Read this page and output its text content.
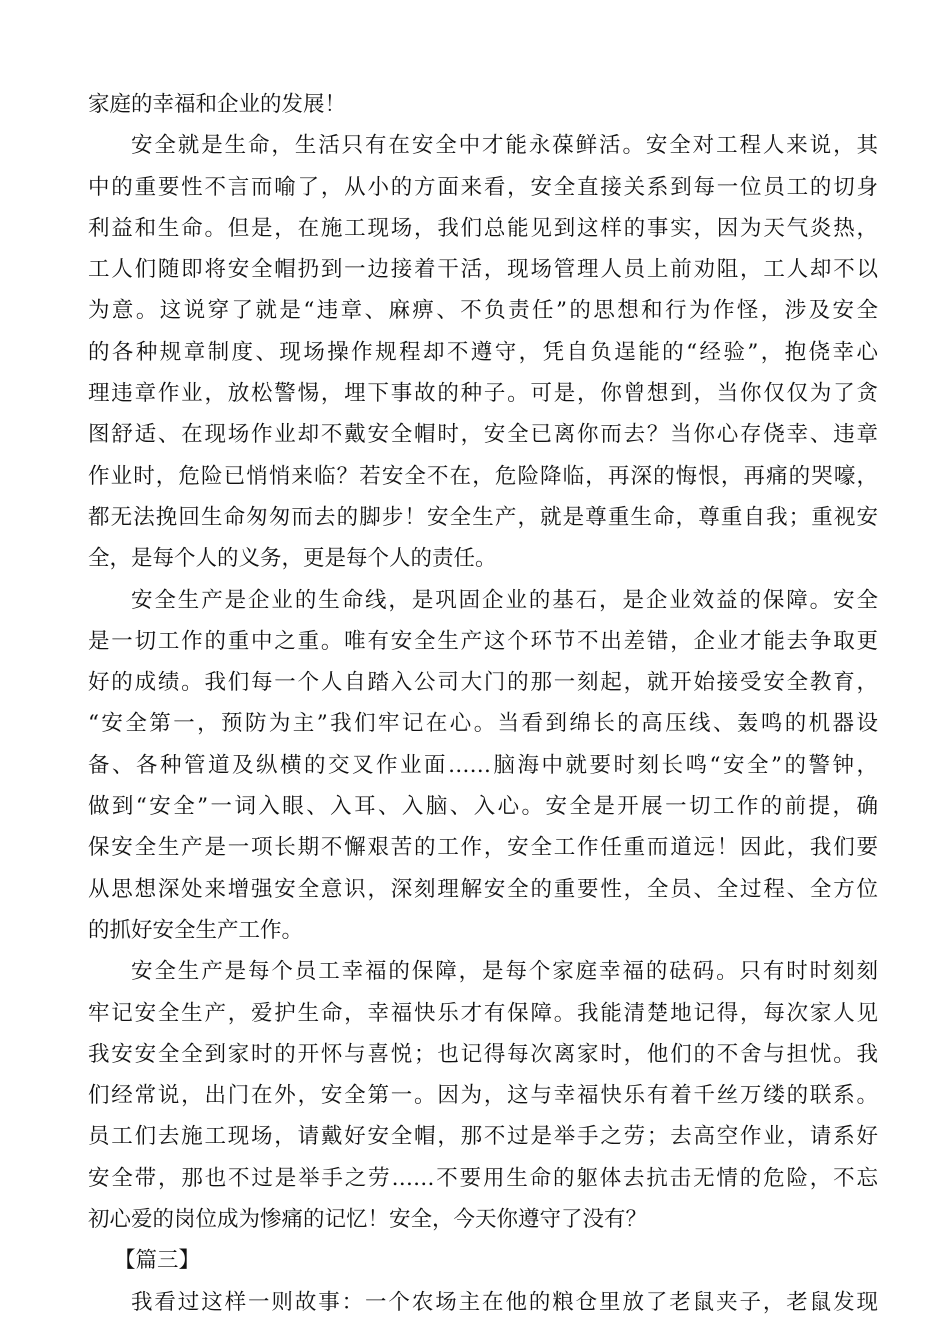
家庭的幸福和企业的发展！
安全就是生命，生活只有在安全中才能永葆鲜活。安全对工程人来说，其
中的重要性不言而喻了，从小的方面来看，安全直接关系到每一位员工的切身
利益和生命。但是，在施工现场，我们总能见到这样的事实，因为天气炎热，
工人们随即将安全帽扔到一边接着干活，现场管理人员上前劝阻，工人却不以
为意。这说穿了就是“违章、麻痹、不负责任”的思想和行为作怪，涉及安全
的各种规章制度、现场操作规程却不遵守，凭自负逞能的“经验”，抱侥幸心
理违章作业，放松警惕，埋下事故的种子。可是，你曾想到，当你仅仅为了贪
图舒适、在现场作业却不戴安全帽时，安全已离你而去？当你心存侥幸、违章
作业时，危险已悄悄来临？若安全不在，危险降临，再深的悔恨，再痛的哭嚎，
都无法挽回生命匆匆而去的脚步！安全生产，就是尊重生命，尊重自我；重视安
全，是每个人的义务，更是每个人的责任。
安全生产是企业的生命线，是巩固企业的基石，是企业效益的保障。安全
是一切工作的重中之重。唯有安全生产这个环节不出差错，企业才能去争取更
好的成绩。我们每一个人自踏入公司大门的那一刻起，就开始接受安全教育，
“安全第一，预防为主”我们牢记在心。当看到绵长的高压线、轰鸣的机器设
备、各种管道及纵横的交叉作业面……脑海中就要时刻长鸣“安全”的警钟，
做到“安全”一词入眼、入耳、入脑、入心。安全是开展一切工作的前提，确
保安全生产是一项长期不懈艰苦的工作，安全工作任重而道远！因此，我们要
从思想深处来增强安全意识，深刻理解安全的重要性，全员、全过程、全方位
的抓好安全生产工作。
安全生产是每个员工幸福的保障，是每个家庭幸福的砝码。只有时时刻刻
牢记安全生产，爱护生命，幸福快乐才有保障。我能清楚地记得，每次家人见
我安安全全到家时的开怀与喜悦；也记得每次离家时，他们的不舍与担忧。我
们经常说，出门在外，安全第一。因为，这与幸福快乐有着千丝万缕的联系。
员工们去施工现场，请戴好安全帽，那不过是举手之劳；去高空作业，请系好
安全带，那也不过是举手之劳……不要用生命的躯体去抗击无情的危险，不忘
初心爱的岗位成为惨痛的记忆！安全，今天你遵守了没有？
【篇三】
我看过这样一则故事：一个农场主在他的粮仓里放了老鼠夹子，老鼠发现
